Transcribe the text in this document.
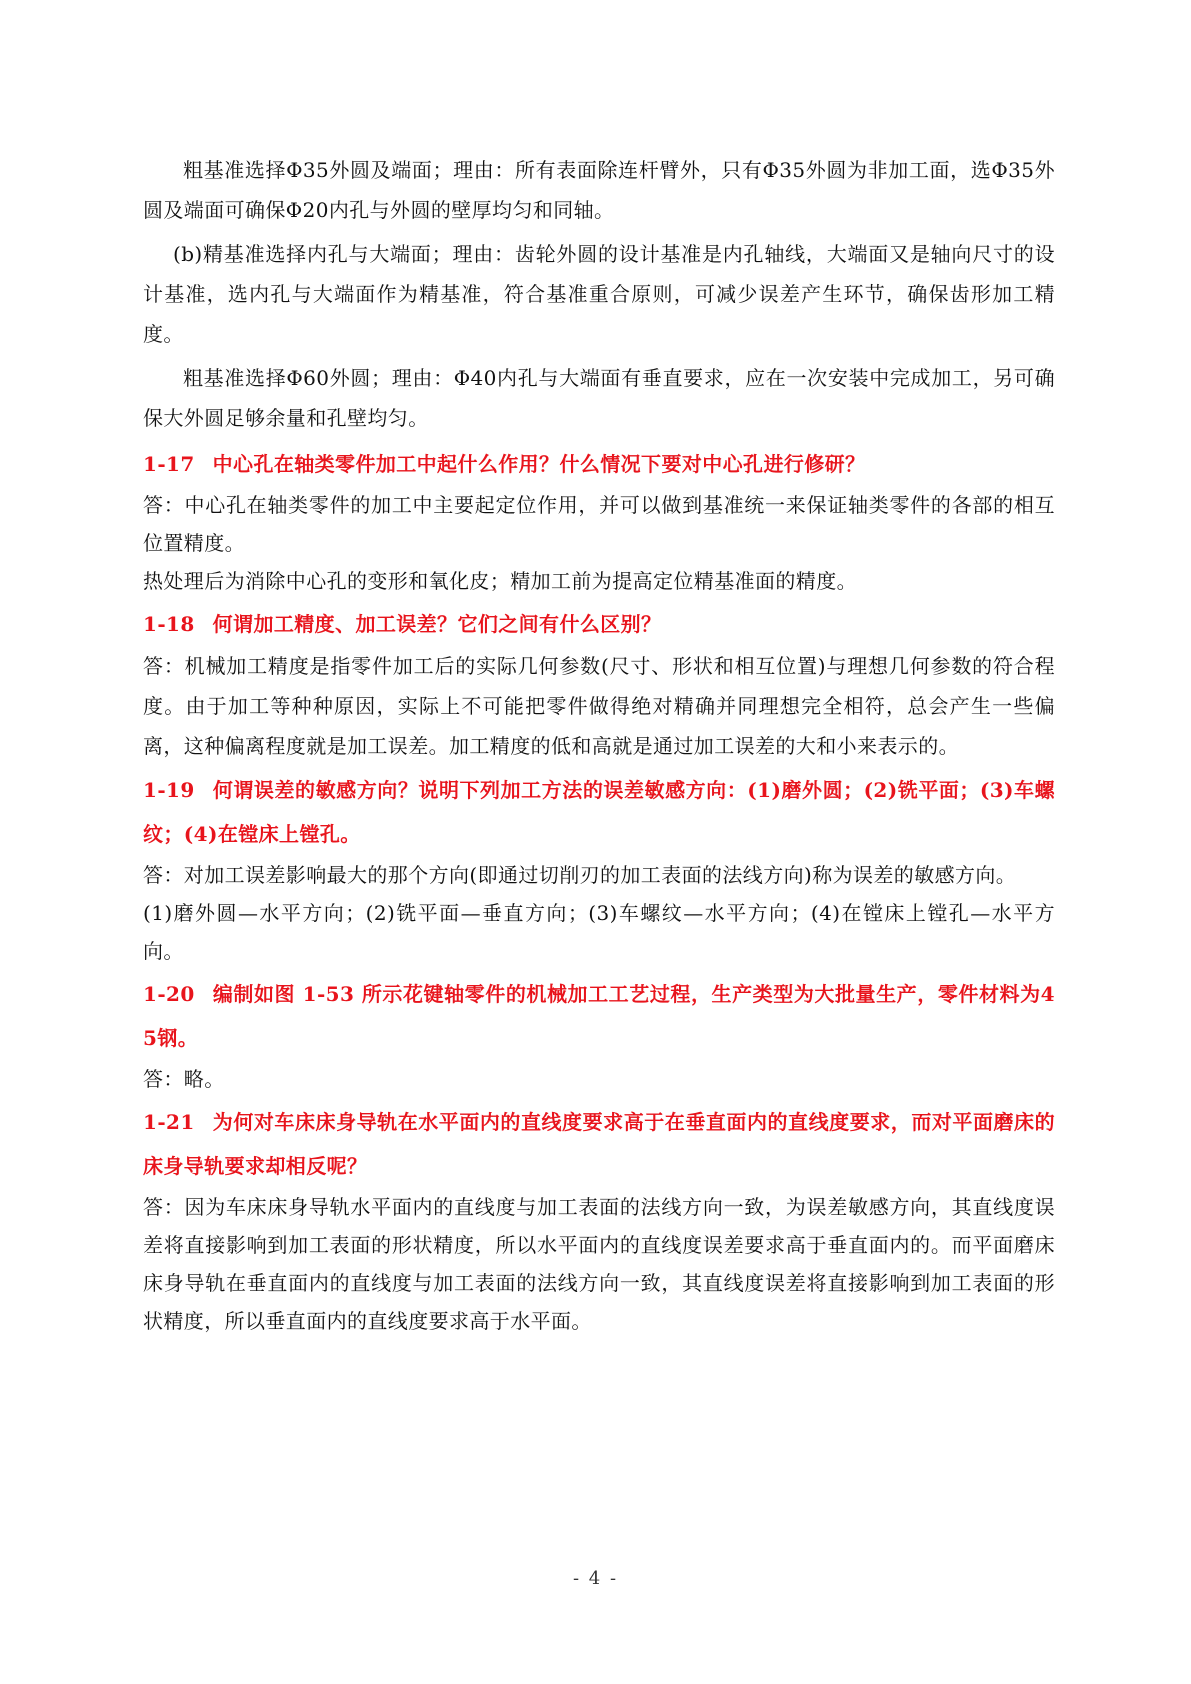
粗基准选择Φ35外圆及端面；理由：所有表面除连杆臂外，只有Φ35外圆为非加工面，选Φ35外圆及端面可确保Φ20内孔与外圆的壁厚均匀和同轴。

(b)精基准选择内孔与大端面；理由：齿轮外圆的设计基准是内孔轴线，大端面又是轴向尺寸的设计基准，选内孔与大端面作为精基准，符合基准重合原则，可减少误差产生环节，确保齿形加工精度。

粗基准选择Φ60外圆；理由：Φ40内孔与大端面有垂直要求，应在一次安装中完成加工，另可确保大外圆足够余量和孔壁均匀。

1-17 中心孔在轴类零件加工中起什么作用？什么情况下要对中心孔进行修研？

答：中心孔在轴类零件的加工中主要起定位作用，并可以做到基准统一来保证轴类零件的各部的相互位置精度。

热处理后为消除中心孔的变形和氧化皮；精加工前为提高定位精基准面的精度。

1-18 何谓加工精度、加工误差？它们之间有什么区别？

答：机械加工精度是指零件加工后的实际几何参数(尺寸、形状和相互位置)与理想几何参数的符合程度。由于加工等种种原因，实际上不可能把零件做得绝对精确并同理想完全相符，总会产生一些偏离，这种偏离程度就是加工误差。加工精度的低和高就是通过加工误差的大和小来表示的。

1-19 何谓误差的敏感方向？说明下列加工方法的误差敏感方向：(1)磨外圆；(2)铣平面；(3)车螺纹；(4)在镗床上镗孔。

答：对加工误差影响最大的那个方向(即通过切削刃的加工表面的法线方向)称为误差的敏感方向。

(1)磨外圆—水平方向；(2)铣平面—垂直方向；(3)车螺纹—水平方向；(4)在镗床上镗孔—水平方向。

1-20 编制如图 1-53 所示花键轴零件的机械加工工艺过程，生产类型为大批量生产，零件材料为45钢。

答：略。

1-21 为何对车床床身导轨在水平面内的直线度要求高于在垂直面内的直线度要求，而对平面磨床的床身导轨要求却相反呢？

答：因为车床床身导轨水平面内的直线度与加工表面的法线方向一致，为误差敏感方向，其直线度误差将直接影响到加工表面的形状精度，所以水平面内的直线度误差要求高于垂直面内的。而平面磨床床身导轨在垂直面内的直线度与加工表面的法线方向一致，其直线度误差将直接影响到加工表面的形状精度，所以垂直面内的直线度要求高于水平面。

- 4 -
